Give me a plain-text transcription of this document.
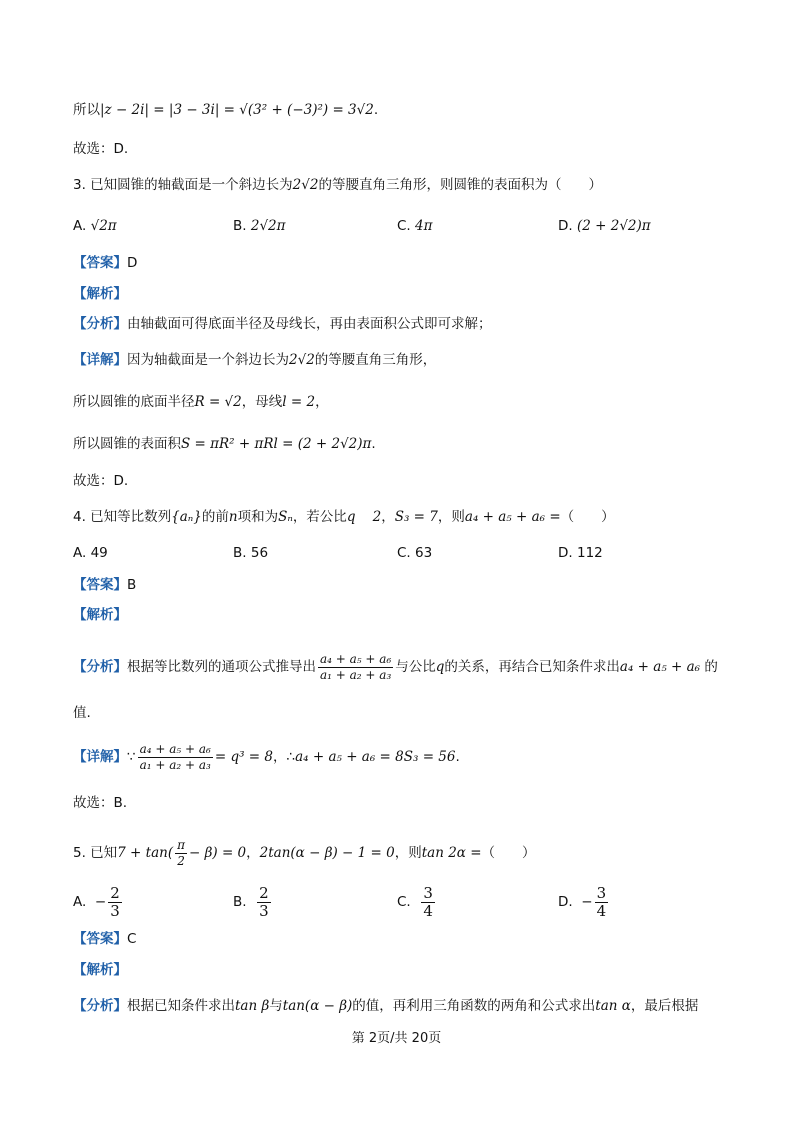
所以|z − 2i| = |3 − 3i| = √(3² + (−3)²) = 3√2.
故选：D.
3. 已知圆锥的轴截面是一个斜边长为2√2的等腰直角三角形，则圆锥的表面积为（　　）
A. √2π	B. 2√2π	C. 4π	D. (2 + 2√2)π
【答案】D
【解析】
【分析】由轴截面可得底面半径及母线长，再由表面积公式即可求解；
【详解】因为轴截面是一个斜边长为2√2的等腰直角三角形，
所以圆锥的底面半径R = √2，母线l = 2，
所以圆锥的表面积S = πR² + πRl = (2 + 2√2)π.
故选：D.
4. 已知等比数列{aₙ}的前n项和为Sₙ，若公比q 2，S₃ = 7，则a₄ + a₅ + a₆ =（　　）
A. 49	B. 56	C. 63	D. 112
【答案】B
【解析】
【分析】根据等比数列的通项公式推导出 $\frac{\text{a₄ + a₅ + a₆}}{\text{a₁ + a₂ + a₃}}$ 与公比q的关系，再结合已知条件求出a₄ + a₅ + a₆ 的
值.
【详解】∵ $\frac{\text{a₄ + a₅ + a₆}}{\text{a₁ + a₂ + a₃}} = q^3 = 8$，∴a₄ + a₅ + a₆ = 8S₃ = 56.
故选：B.
5. 已知$7 + \tan( \frac{\pi}{2} - \beta) = 0$，2tan(α − β) − 1 = 0，则tan 2α =（　　）
A. − $\frac{2}{3}$	B. $\frac{2}{3}$	C. $\frac{3}{4}$	D. − $\frac{3}{4}$
【答案】C
【解析】
【分析】根据已知条件求出tan β与tan(α − β)的值，再利用三角函数的两角和公式求出tan α，最后根据
第 2页/共 20页
